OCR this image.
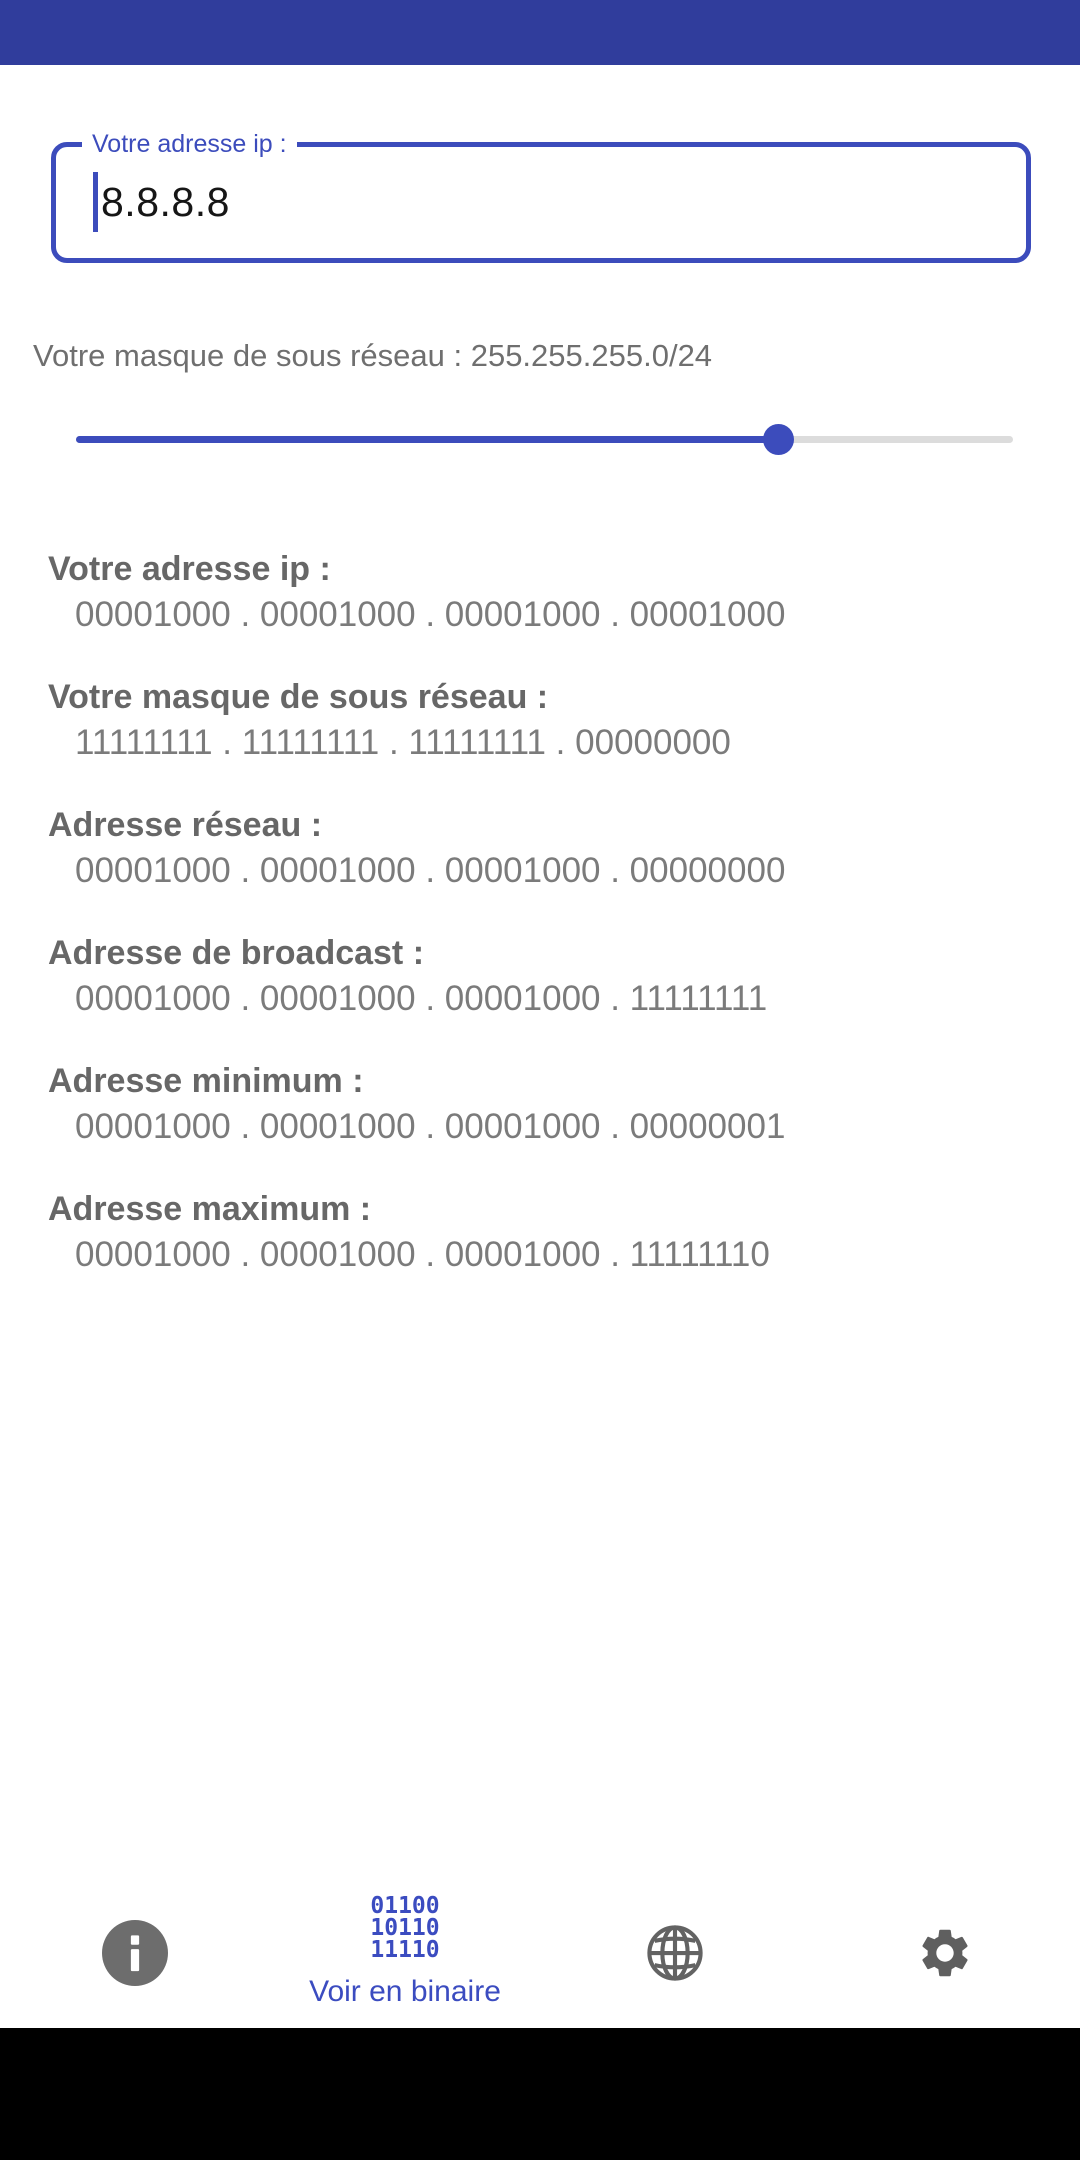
Votre adresse ip :
8.8.8.8
Votre masque de sous réseau : 255.255.255.0/24
Votre adresse ip :
00001000 . 00001000 . 00001000 . 00001000
Votre masque de sous réseau :
11111111 . 11111111 . 11111111 . 00000000
Adresse réseau :
00001000 . 00001000 . 00001000 . 00000000
Adresse de broadcast :
00001000 . 00001000 . 00001000 . 11111111
Adresse minimum :
00001000 . 00001000 . 00001000 . 00000001
Adresse maximum :
00001000 . 00001000 . 00001000 . 11111110
01100
10110
11110
Voir en binaire
